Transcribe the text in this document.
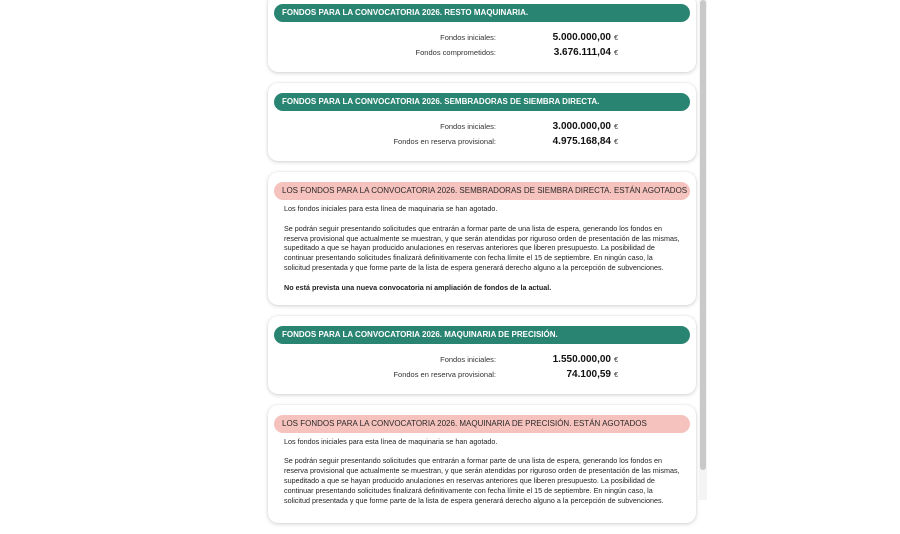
FONDOS PARA LA CONVOCATORIA 2026. RESTO MAQUINARIA.
Fondos iniciales:	5.000.000,00 €
Fondos comprometidos:	3.676.111,04 €
FONDOS PARA LA CONVOCATORIA 2026. SEMBRADORAS DE SIEMBRA DIRECTA.
Fondos iniciales:	3.000.000,00 €
Fondos en reserva provisional:	4.975.168,84 €
LOS FONDOS PARA LA CONVOCATORIA 2026. SEMBRADORAS DE SIEMBRA DIRECTA. ESTÁN AGOTADOS

Los fondos iniciales para esta línea de maquinaria se han agotado.

Se podrán seguir presentando solicitudes que entrarán a formar parte de una lista de espera, generando los fondos en reserva provisional que actualmente se muestran, y que serán atendidas por riguroso orden de presentación de las mismas, supeditado a que se hayan producido anulaciones en reservas anteriores que liberen presupuesto. La posibilidad de continuar presentando solicitudes finalizará definitivamente con fecha límite el 15 de septiembre. En ningún caso, la solicitud presentada y que forme parte de la lista de espera generará derecho alguno a la percepción de subvenciones.

No está prevista una nueva convocatoria ni ampliación de fondos de la actual.

FONDOS PARA LA CONVOCATORIA 2026. MAQUINARIA DE PRECISIÓN.
Fondos iniciales:	1.550.000,00 €
Fondos en reserva provisional:	74.100,59 €
LOS FONDOS PARA LA CONVOCATORIA 2026. MAQUINARIA DE PRECISIÓN. ESTÁN AGOTADOS

Los fondos iniciales para esta línea de maquinaria se han agotado.

Se podrán seguir presentando solicitudes que entrarán a formar parte de una lista de espera, generando los fondos en reserva provisional que actualmente se muestran, y que serán atendidas por riguroso orden de presentación de las mismas, supeditado a que se hayan producido anulaciones en reservas anteriores que liberen presupuesto. La posibilidad de continuar presentando solicitudes finalizará definitivamente con fecha límite el 15 de septiembre. En ningún caso, la solicitud presentada y que forme parte de la lista de espera generará derecho alguno a la percepción de subvenciones.
